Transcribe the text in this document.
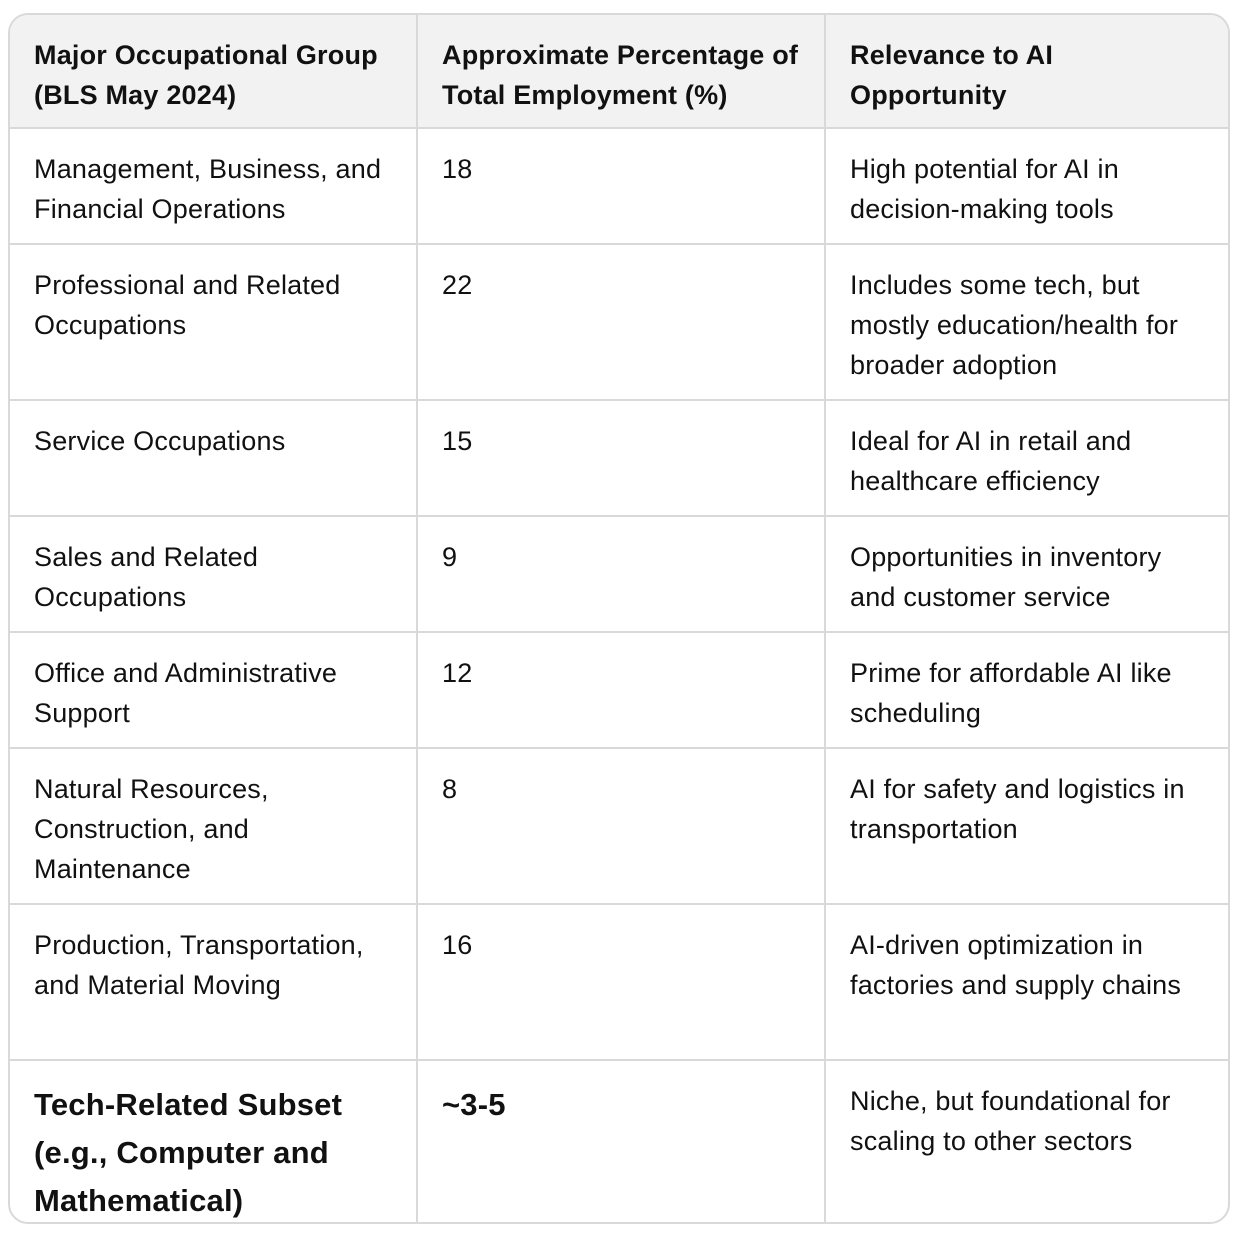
Major Occupational Group (BLS May 2024)	Approximate Percentage of Total Employment (%)	Relevance to AI Opportunity
Management, Business, and Financial Operations	18	High potential for AI in decision-making tools
Professional and Related Occupations	22	Includes some tech, but mostly education/health for broader adoption
Service Occupations	15	Ideal for AI in retail and healthcare efficiency
Sales and Related Occupations	9	Opportunities in inventory and customer service
Office and Administrative Support	12	Prime for affordable AI like scheduling
Natural Resources, Construction, and Maintenance	8	AI for safety and logistics in transportation
Production, Transportation, and Material Moving	16	AI-driven optimization in factories and supply chains
Tech-Related Subset (e.g., Computer and Mathematical)	~3-5	Niche, but foundational for scaling to other sectors
